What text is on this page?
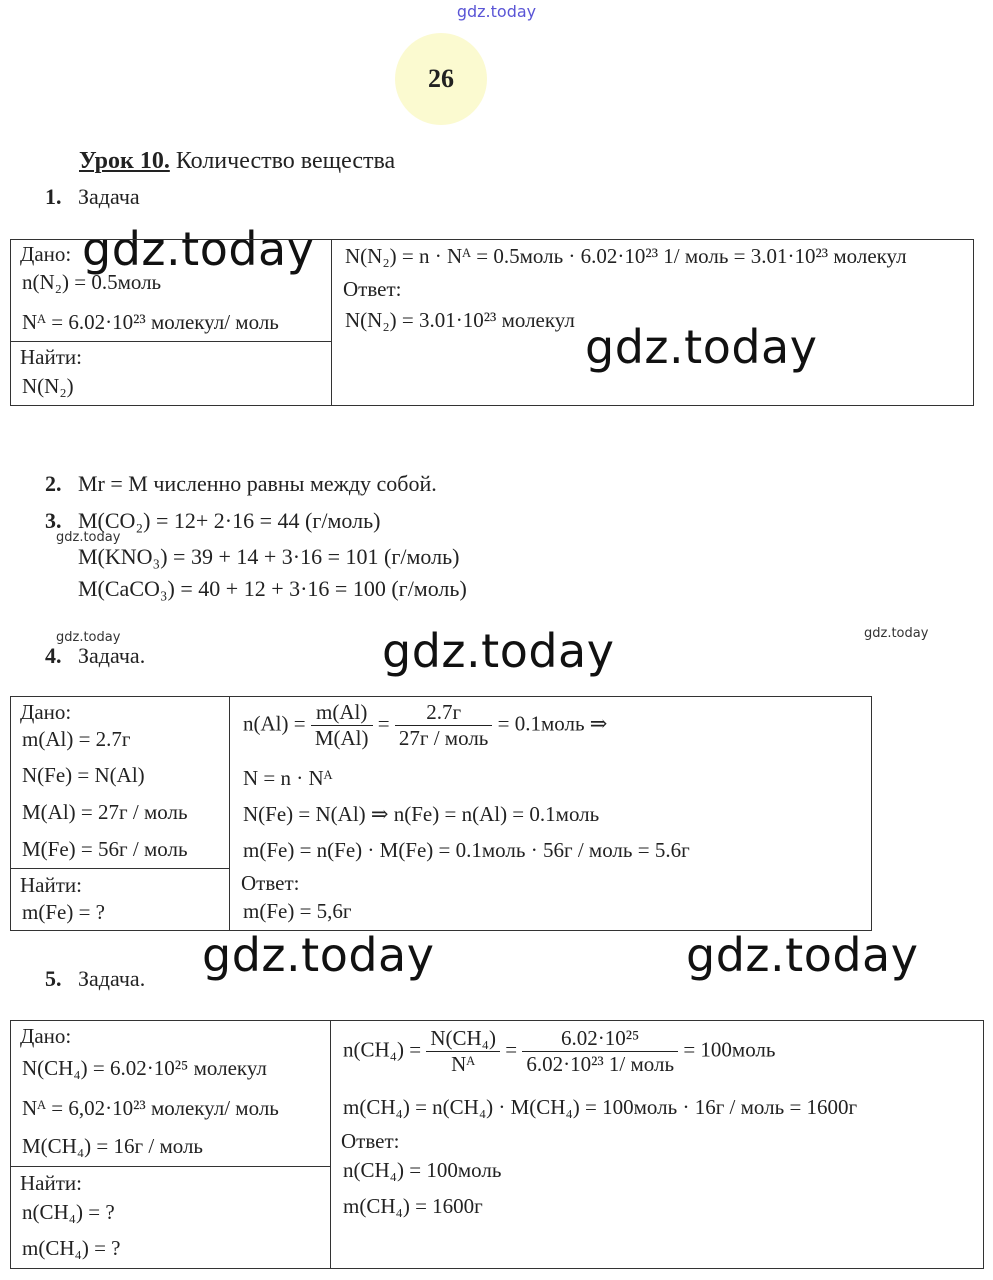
gdz.today
gdz.today
gdz.today
gdz.today
gdz.today	gdz.today
gdz.today
gdz.today	gdz.today
26
Урок 10. Количество вещества
1. Задача
Дано:
n(N₂) = 0.5моль
Nᴬ = 6.02·10²³ молекул/ моль
Найти:
N(N₂)
N(N₂) = n · Nᴬ = 0.5моль · 6.02·10²³ 1/ моль = 3.01·10²³ молекул
Ответ:
N(N₂) = 3.01·10²³ молекул
2. Mr = M численно равны между собой.
3. M(CO₂) = 12+ 2·16 = 44 (г/моль)
M(KNO₃) = 39 + 14 + 3·16 = 101 (г/моль)
M(CaCO₃) = 40 + 12 + 3·16 = 100 (г/моль)
4. Задача.
Дано:
m(Al) = 2.7г
N(Fe) = N(Al)
M(Al) = 27г / моль
M(Fe) = 56г / моль
Найти:
m(Fe) = ?
$n(Al) = \frac{m(Al)}{M(Al)} = \frac{2.7г}{\text{27г / моль}}$ = 0.1моль ⇒
N = n · Nᴬ
N(Fe) = N(Al) ⇒ n(Fe) = n(Al) = 0.1моль
m(Fe) = n(Fe) · M(Fe) = 0.1моль · 56г / моль = 5.6г
Ответ:
m(Fe) = 5,6г
5. Задача.
Дано:
N(CH₄) = 6.02·10²⁵ молекул
Nᴬ = 6,02·10²³ молекул/ моль
M(CH₄) = 16г / моль
Найти:
n(CH₄) = ?
m(CH₄) = ?
$n(CH_4) = \frac{\text{N(CH₄)}}{\text{Nᴬ}} = \frac{\text{6.02·10²⁵}}{\text{6.02·10²³ 1/ моль}}$ = 100моль
m(CH₄) = n(CH₄) · M(CH₄) = 100моль · 16г / моль = 1600г
Ответ:
n(CH₄) = 100моль
m(CH₄) = 1600г
